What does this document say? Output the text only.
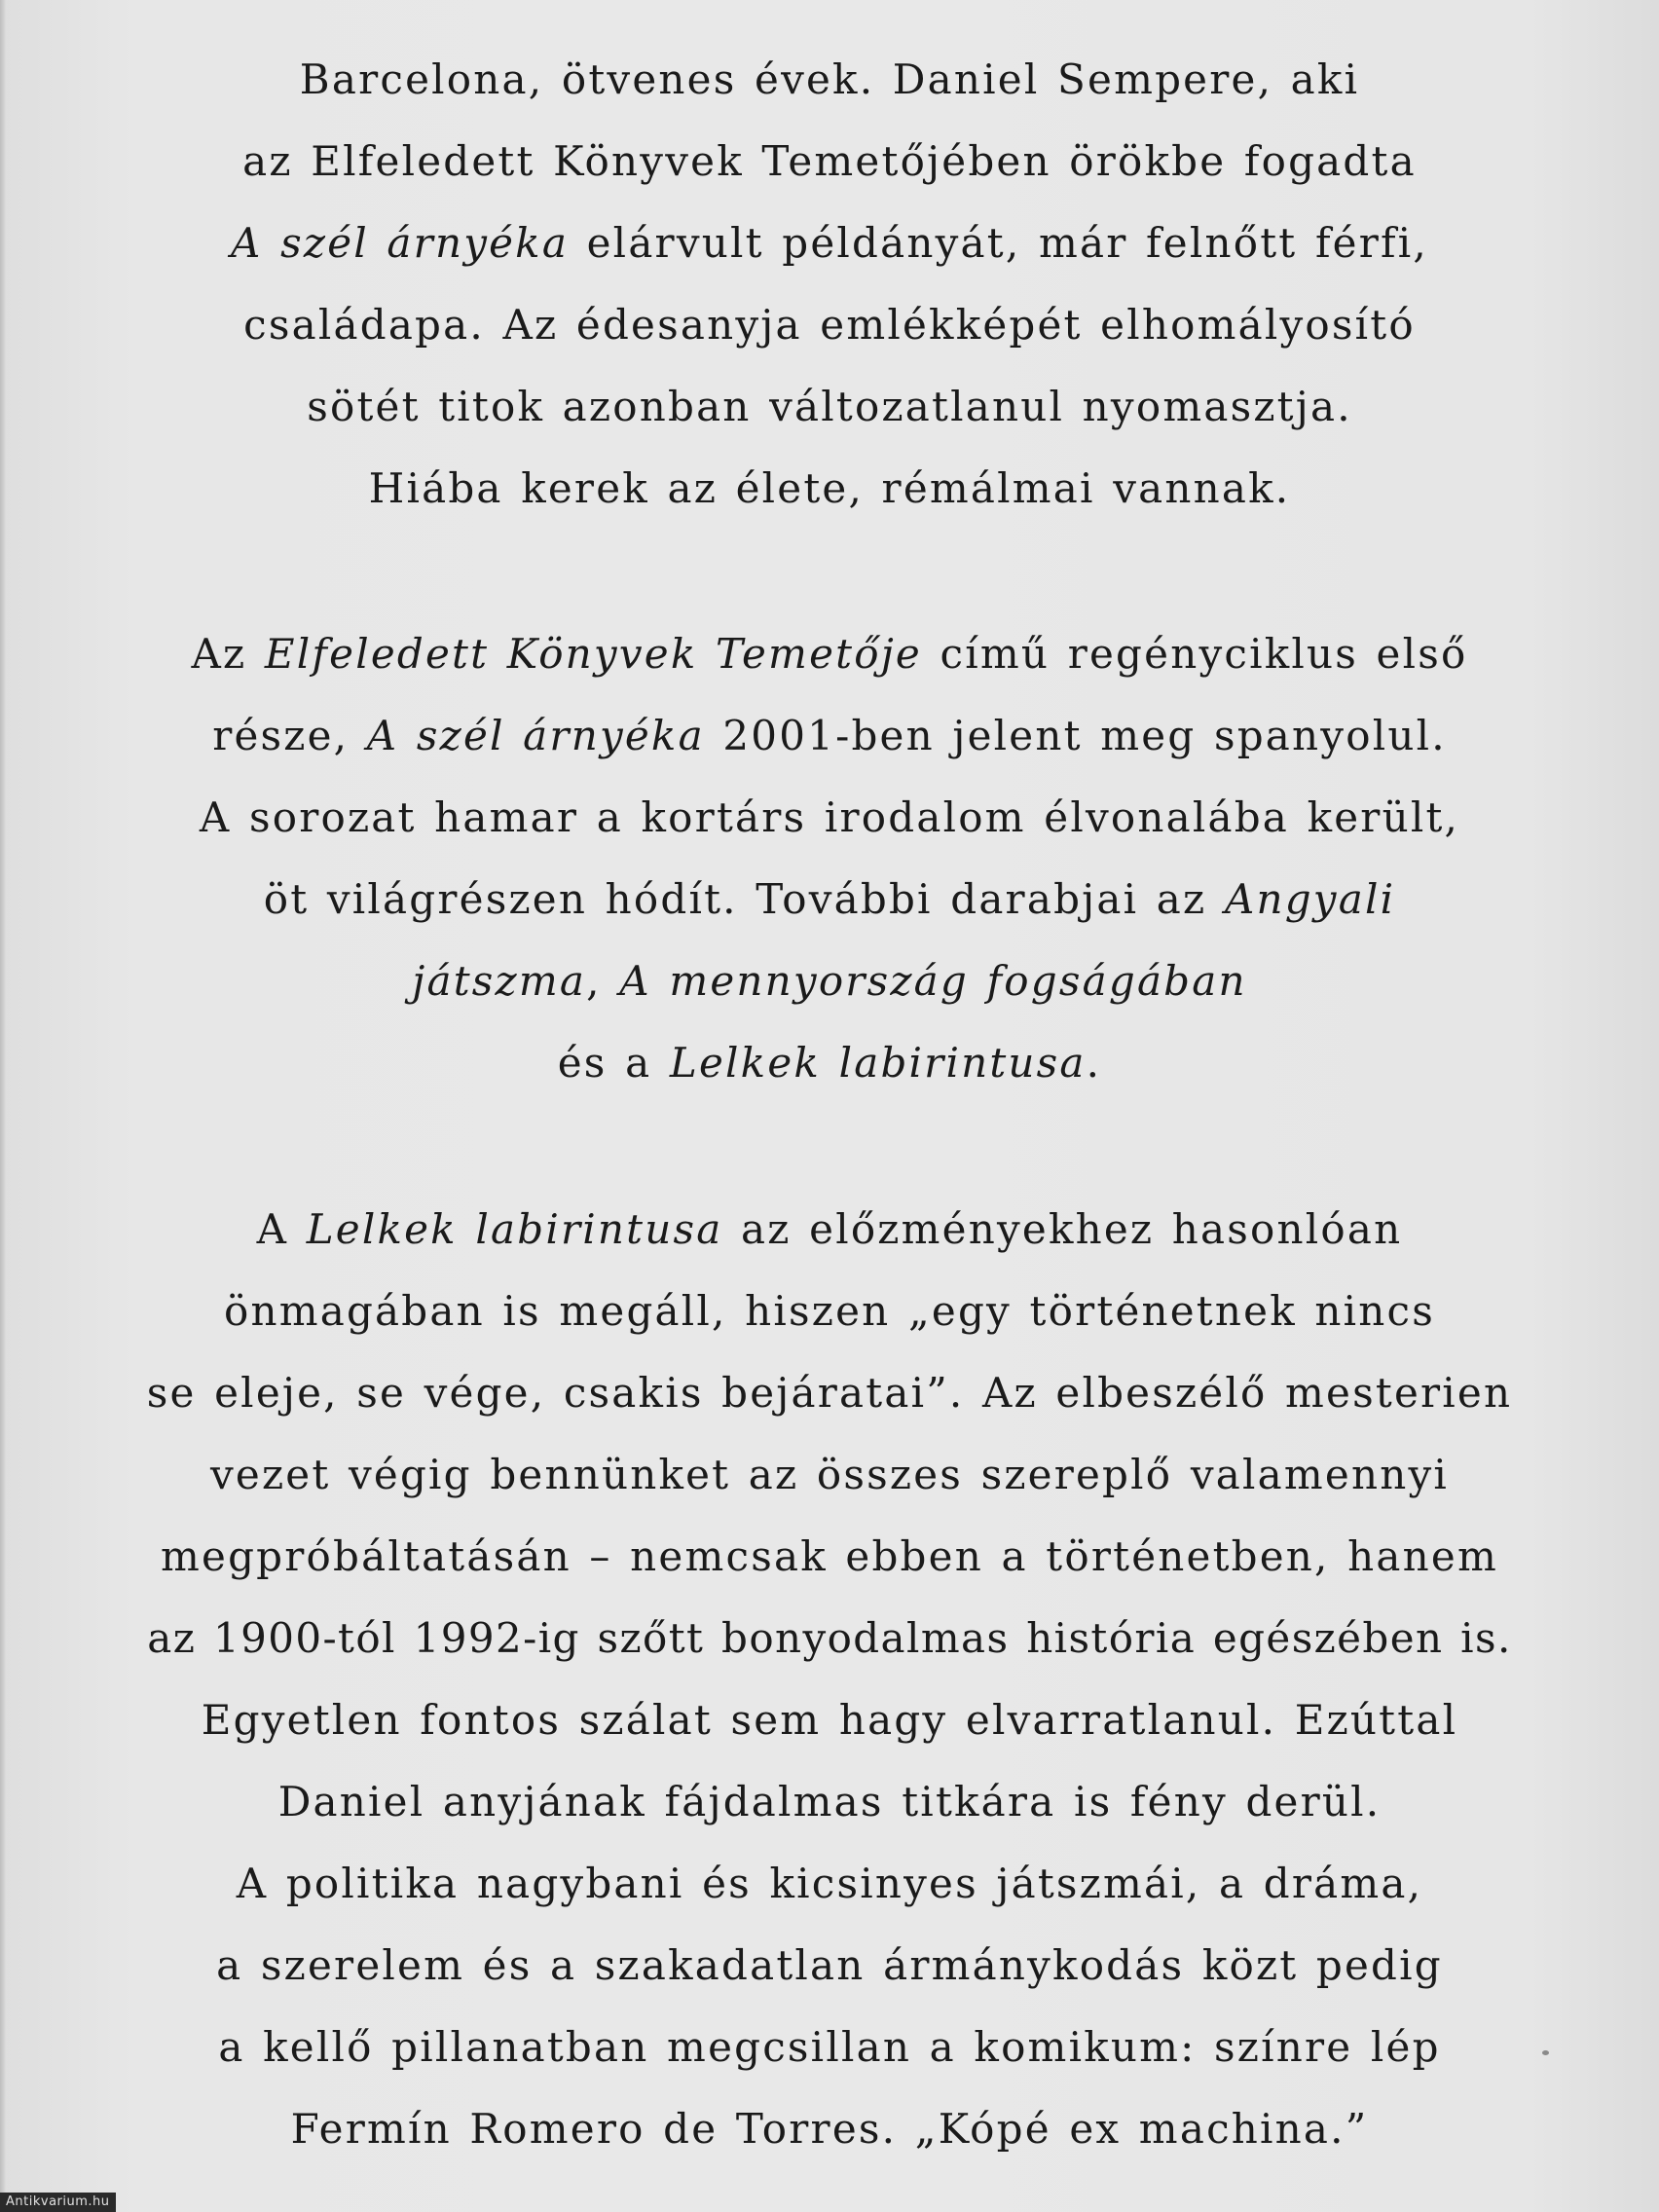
Barcelona, ötvenes évek. Daniel Sempere, aki
az Elfeledett Könyvek Temetőjében örökbe fogadta
A szél árnyéka elárvult példányát, már felnőtt férfi,
családapa. Az édesanyja emlékképét elhomályosító
sötét titok azonban változatlanul nyomasztja.
Hiába kerek az élete, rémálmai vannak.
Az Elfeledett Könyvek Temetője című regényciklus első
része, A szél árnyéka 2001-ben jelent meg spanyolul.
A sorozat hamar a kortárs irodalom élvonalába került,
öt világrészen hódít. További darabjai az Angyali
játszma, A mennyország fogságában
és a Lelkek labirintusa.
A Lelkek labirintusa az előzményekhez hasonlóan
önmagában is megáll, hiszen „egy történetnek nincs
se eleje, se vége, csakis bejáratai”. Az elbeszélő mesterien
vezet végig bennünket az összes szereplő valamennyi
megpróbáltatásán – nemcsak ebben a történetben, hanem
az 1900-tól 1992-ig szőtt bonyodalmas história egészében is.
Egyetlen fontos szálat sem hagy elvarratlanul. Ezúttal
Daniel anyjának fájdalmas titkára is fény derül.
A politika nagybani és kicsinyes játszmái, a dráma,
a szerelem és a szakadatlan ármánykodás közt pedig
a kellő pillanatban megcsillan a komikum: színre lép
Fermín Romero de Torres. „Kópé ex machina.”
Antikvarium.hu
